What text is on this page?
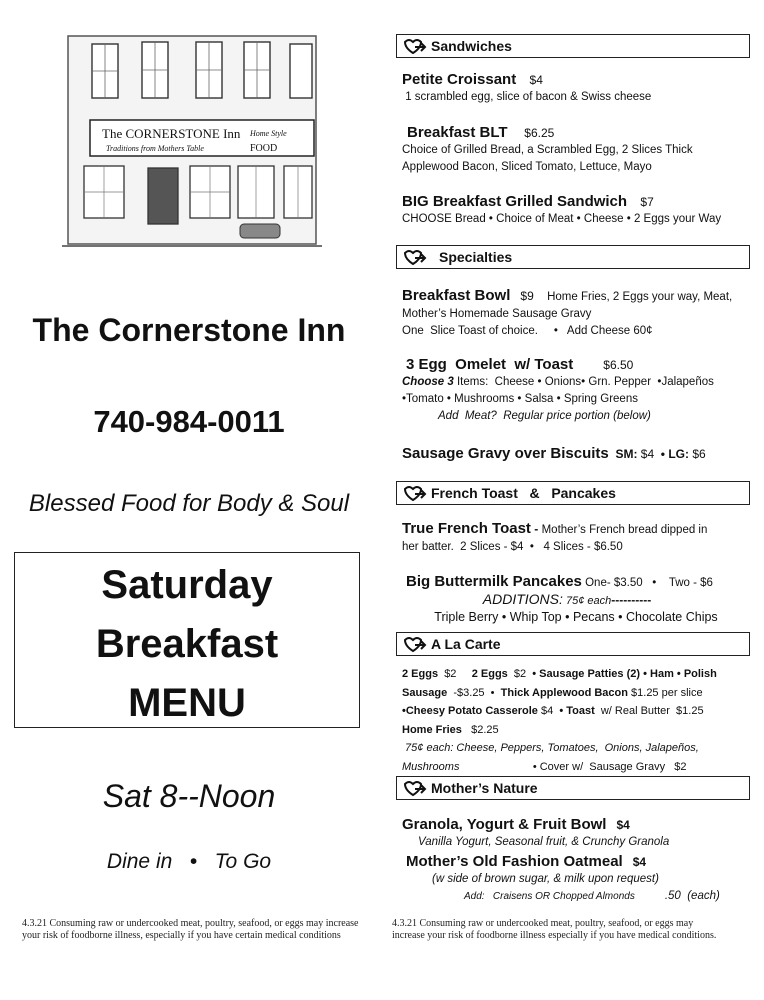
The CORNERSTONE Inn
Traditions from Mothers Table
Home Style
FOOD
The Cornerstone Inn
740-984-0011
Blessed Food for Body & Soul
Saturday
Breakfast
MENU
Sat 8--Noon
Dine in   •   To Go
4.3.21 Consuming raw or undercooked meat, poultry, seafood, or eggs may increase your risk of foodborne illness, especially if you have certain medical conditions
Sandwiches
Petite Croissant $4
1 scrambled egg, slice of bacon & Swiss cheese
Breakfast BLT $6.25
Choice of Grilled Bread, a Scrambled Egg, 2 Slices Thick Applewood Bacon, Sliced Tomato, Lettuce, Mayo
BIG Breakfast Grilled Sandwich $7
CHOOSE Bread • Choice of Meat • Cheese • 2 Eggs your Way
Specialties
Breakfast Bowl $9 Home Fries, 2 Eggs your way, Meat,
Mother’s Homemade Sausage Gravy
One  Slice Toast of choice.     •   Add Cheese 60¢
3 Egg  Omelet  w/ Toast	$6.50
Choose 3 Items:  Cheese • Onions• Grn. Pepper  •Jalapeños
•Tomato • Mushrooms • Salsa • Spring Greens
Add  Meat?  Regular price portion (below)
Sausage Gravy over Biscuits SM: $4  • LG: $6
French Toast   &   Pancakes
True French Toast - Mother’s French bread dipped in
her batter.  2 Slices - $4  •   4 Slices - $6.50
Big Buttermilk Pancakes One- $3.50   •    Two - $6

ADDITIONS: 75¢ each----------
Triple Berry • Whip Top • Pecans • Chocolate Chips
A La Carte
2 Eggs  $2     2 Eggs  $2  • Sausage Patties (2) • Ham • Polish
Sausage  -$3.25  •  Thick Applewood Bacon $1.25 per slice
•Cheesy Potato Casserole $4  • Toast  w/ Real Butter  $1.25
Home Fries   $2.25
75¢ each: Cheese, Peppers, Tomatoes,  Onions, Jalapeños,
Mushrooms	• Cover w/  Sausage Gravy   $2
Mother’s Nature
Granola, Yogurt & Fruit Bowl $4
Vanilla Yogurt, Seasonal fruit, & Crunchy Granola
Mother’s Old Fashion Oatmeal $4
(w side of brown sugar, & milk upon request)
Add:   Craisens OR Chopped Almonds	.50  (each)
4.3.21 Consuming raw or undercooked meat, poultry, seafood, or eggs may increase your risk of foodborne illness especially if you have medical conditions.
